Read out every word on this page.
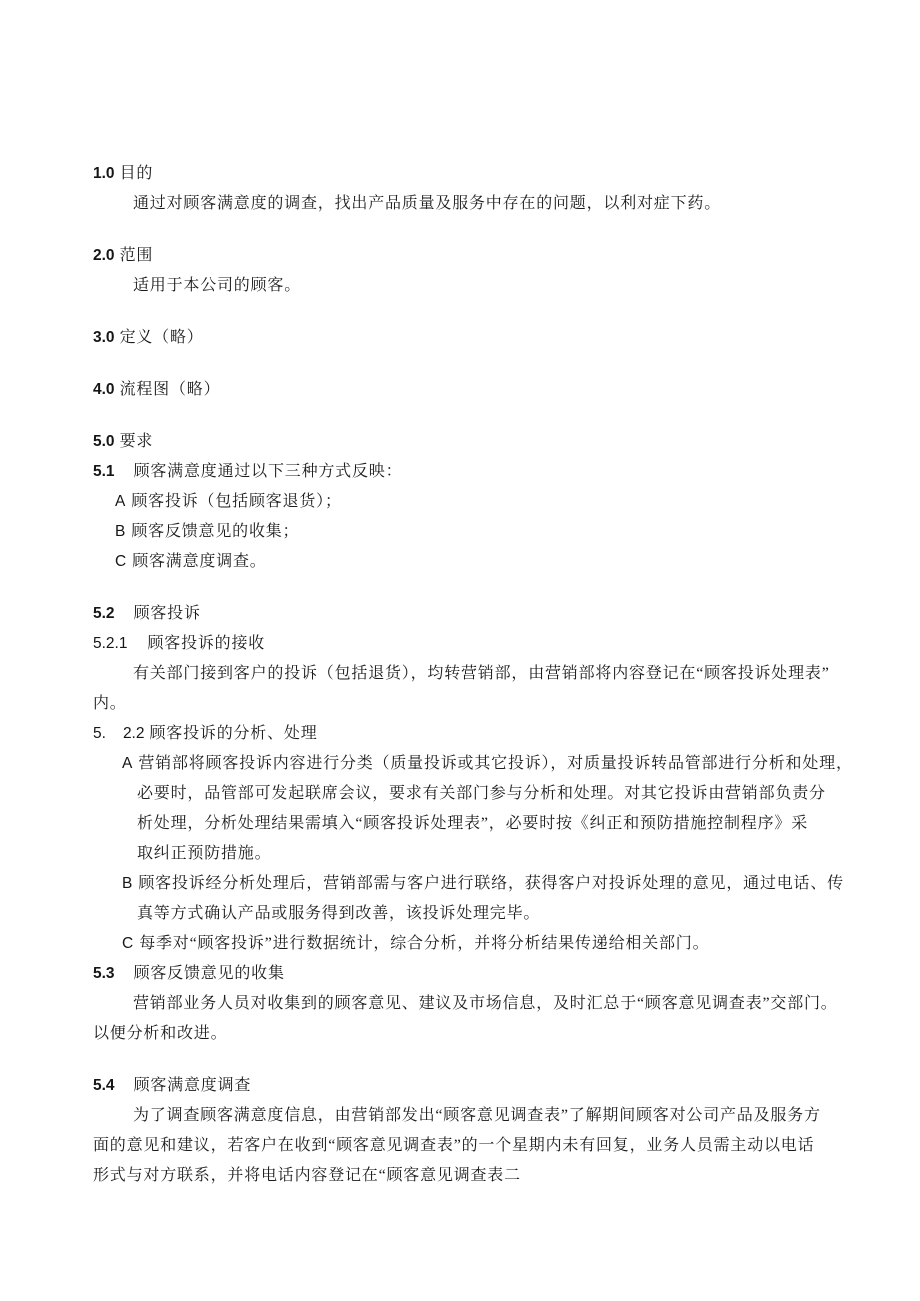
1.0 目的
通过对顾客满意度的调查，找出产品质量及服务中存在的问题，以利对症下药。
2.0 范围
适用于本公司的顾客。
3.0 定义（略）
4.0 流程图（略）
5.0 要求
5.1 顾客满意度通过以下三种方式反映：
A 顾客投诉（包括顾客退货）；
B 顾客反馈意见的收集；
C 顾客满意度调查。
5.2 顾客投诉
5.2.1 顾客投诉的接收
有关部门接到客户的投诉（包括退货），均转营销部，由营销部将内容登记在“顾客投诉处理表”
内。
5. 2.2 顾客投诉的分析、处理
A 营销部将顾客投诉内容进行分类（质量投诉或其它投诉），对质量投诉转品管部进行分析和处理，
必要时，品管部可发起联席会议，要求有关部门参与分析和处理。对其它投诉由营销部负责分
析处理，分析处理结果需填入“顾客投诉处理表”，必要时按《纠正和预防措施控制程序》采
取纠正预防措施。
B 顾客投诉经分析处理后，营销部需与客户进行联络，获得客户对投诉处理的意见，通过电话、传
真等方式确认产品或服务得到改善，该投诉处理完毕。
C 每季对“顾客投诉”进行数据统计，综合分析，并将分析结果传递给相关部门。
5.3 顾客反馈意见的收集
营销部业务人员对收集到的顾客意见、建议及市场信息，及时汇总于“顾客意见调查表”交部门。
以便分析和改进。
5.4 顾客满意度调查
为了调查顾客满意度信息，由营销部发出“顾客意见调查表”了解期间顾客对公司产品及服务方
面的意见和建议，若客户在收到“顾客意见调查表”的一个星期内未有回复，业务人员需主动以电话
形式与对方联系，并将电话内容登记在“顾客意见调查表二
